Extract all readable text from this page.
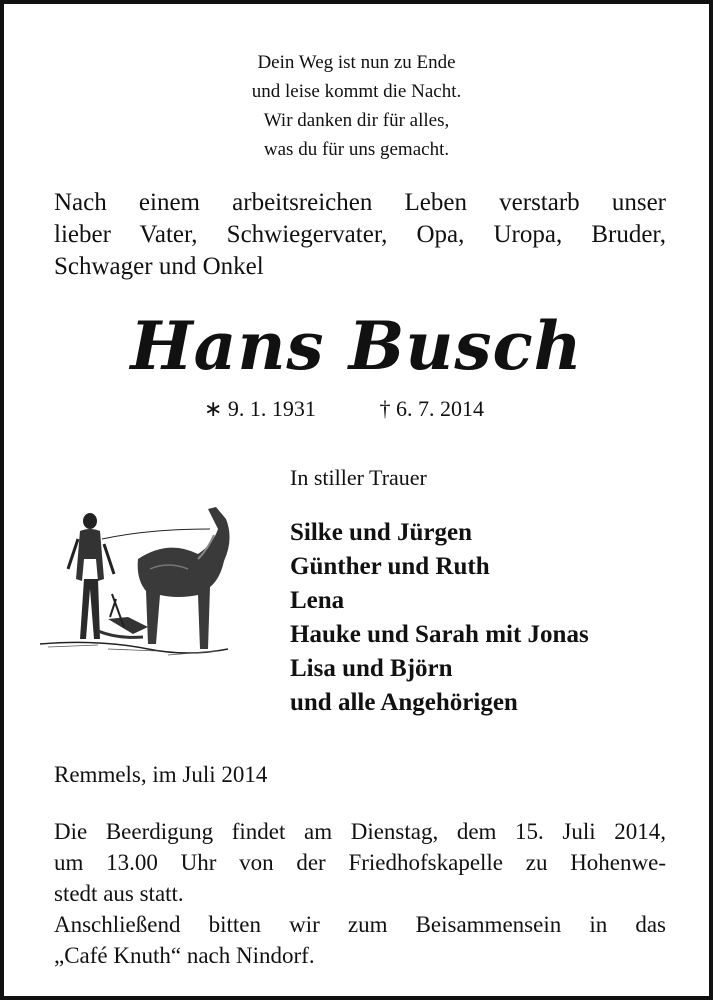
Dein Weg ist nun zu Ende
und leise kommt die Nacht.
Wir danken dir für alles,
was du für uns gemacht.
Nach einem arbeitsreichen Leben verstarb unser
lieber Vater, Schwiegervater, Opa, Uropa, Bruder,
Schwager und Onkel
Hans Busch
∗ 9. 1. 1931	† 6. 7. 2014
In stiller Trauer
Silke und Jürgen
Günther und Ruth
Lena
Hauke und Sarah mit Jonas
Lisa und Björn
und alle Angehörigen
Remmels, im Juli 2014
Die Beerdigung findet am Dienstag, dem 15. Juli 2014,
um 13.00 Uhr von der Friedhofskapelle zu Hohenwe-
stedt aus statt.
Anschließend bitten wir zum Beisammensein in das
„Café Knuth“ nach Nindorf.
